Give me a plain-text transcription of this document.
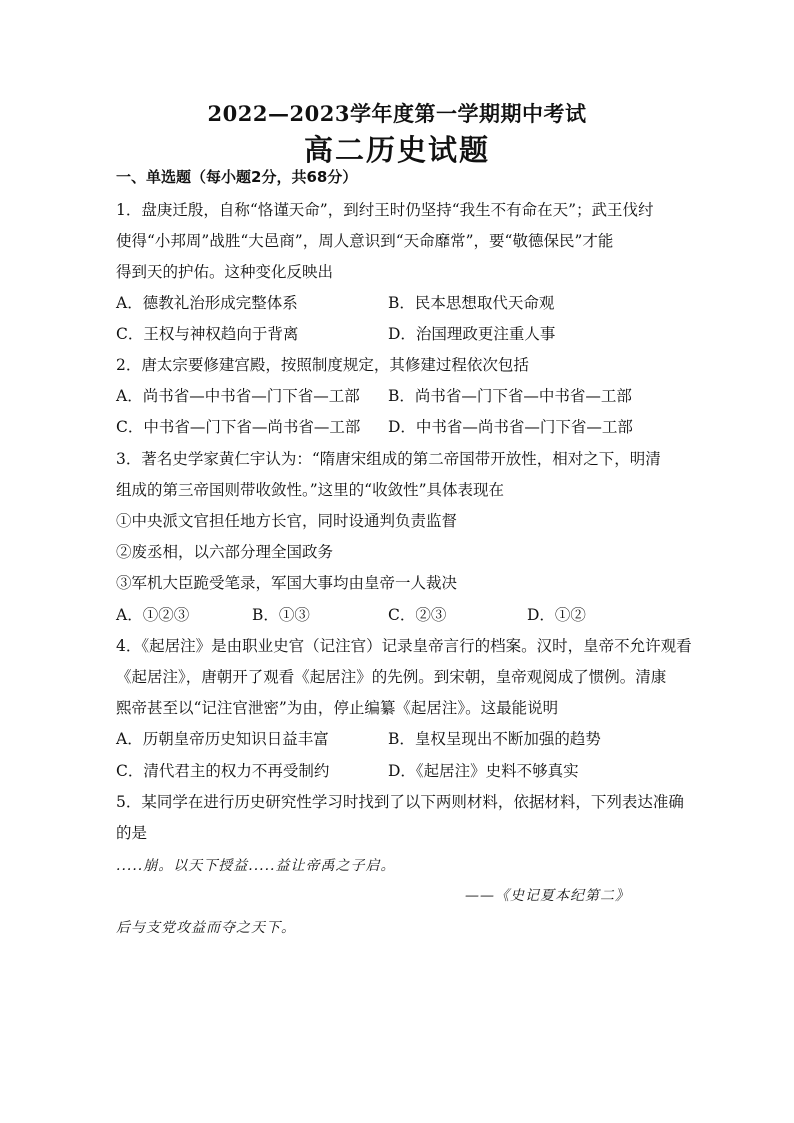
2022—2023学年度第一学期期中考试
高二历史试题
一、单选题（每小题2分，共68分）
1．盘庚迁殷，自称“恪谨天命”，到纣王时仍坚持“我生不有命在天”；武王伐纣
使得“小邦周”战胜“大邑商”，周人意识到“天命靡常”，要“敬德保民”才能
得到天的护佑。这种变化反映出
A．德教礼治形成完整体系	B．民本思想取代天命观
C．王权与神权趋向于背离	D．治国理政更注重人事
2．唐太宗要修建宫殿，按照制度规定，其修建过程依次包括
A．尚书省—中书省—门下省—工部 B．尚书省—门下省—中书省—工部
C．中书省—门下省—尚书省—工部 D．中书省—尚书省—门下省—工部
3．著名史学家黄仁宇认为：“隋唐宋组成的第二帝国带开放性，相对之下，明清
组成的第三帝国则带收敛性。”这里的“收敛性”具体表现在
①中央派文官担任地方长官，同时设通判负责监督
②废丞相，以六部分理全国政务
③军机大臣跪受笔录，军国大事均由皇帝一人裁决
A．①②③	B．①③	C．②③	D．①②
4．《起居注》是由职业史官（记注官）记录皇帝言行的档案。汉时，皇帝不允许观看
《起居注》，唐朝开了观看《起居注》的先例。到宋朝，皇帝观阅成了惯例。清康
熙帝甚至以“记注官泄密”为由，停止编纂《起居注》。这最能说明
A．历朝皇帝历史知识日益丰富	B．皇权呈现出不断加强的趋势
C．清代君主的权力不再受制约	D．《起居注》史料不够真实
5．某同学在进行历史研究性学习时找到了以下两则材料，依据材料，下列表达准确
的是
.....崩。以天下授益.....益让帝禹之子启。
——《史记夏本纪第二》
后与支党攻益而夺之天下。
